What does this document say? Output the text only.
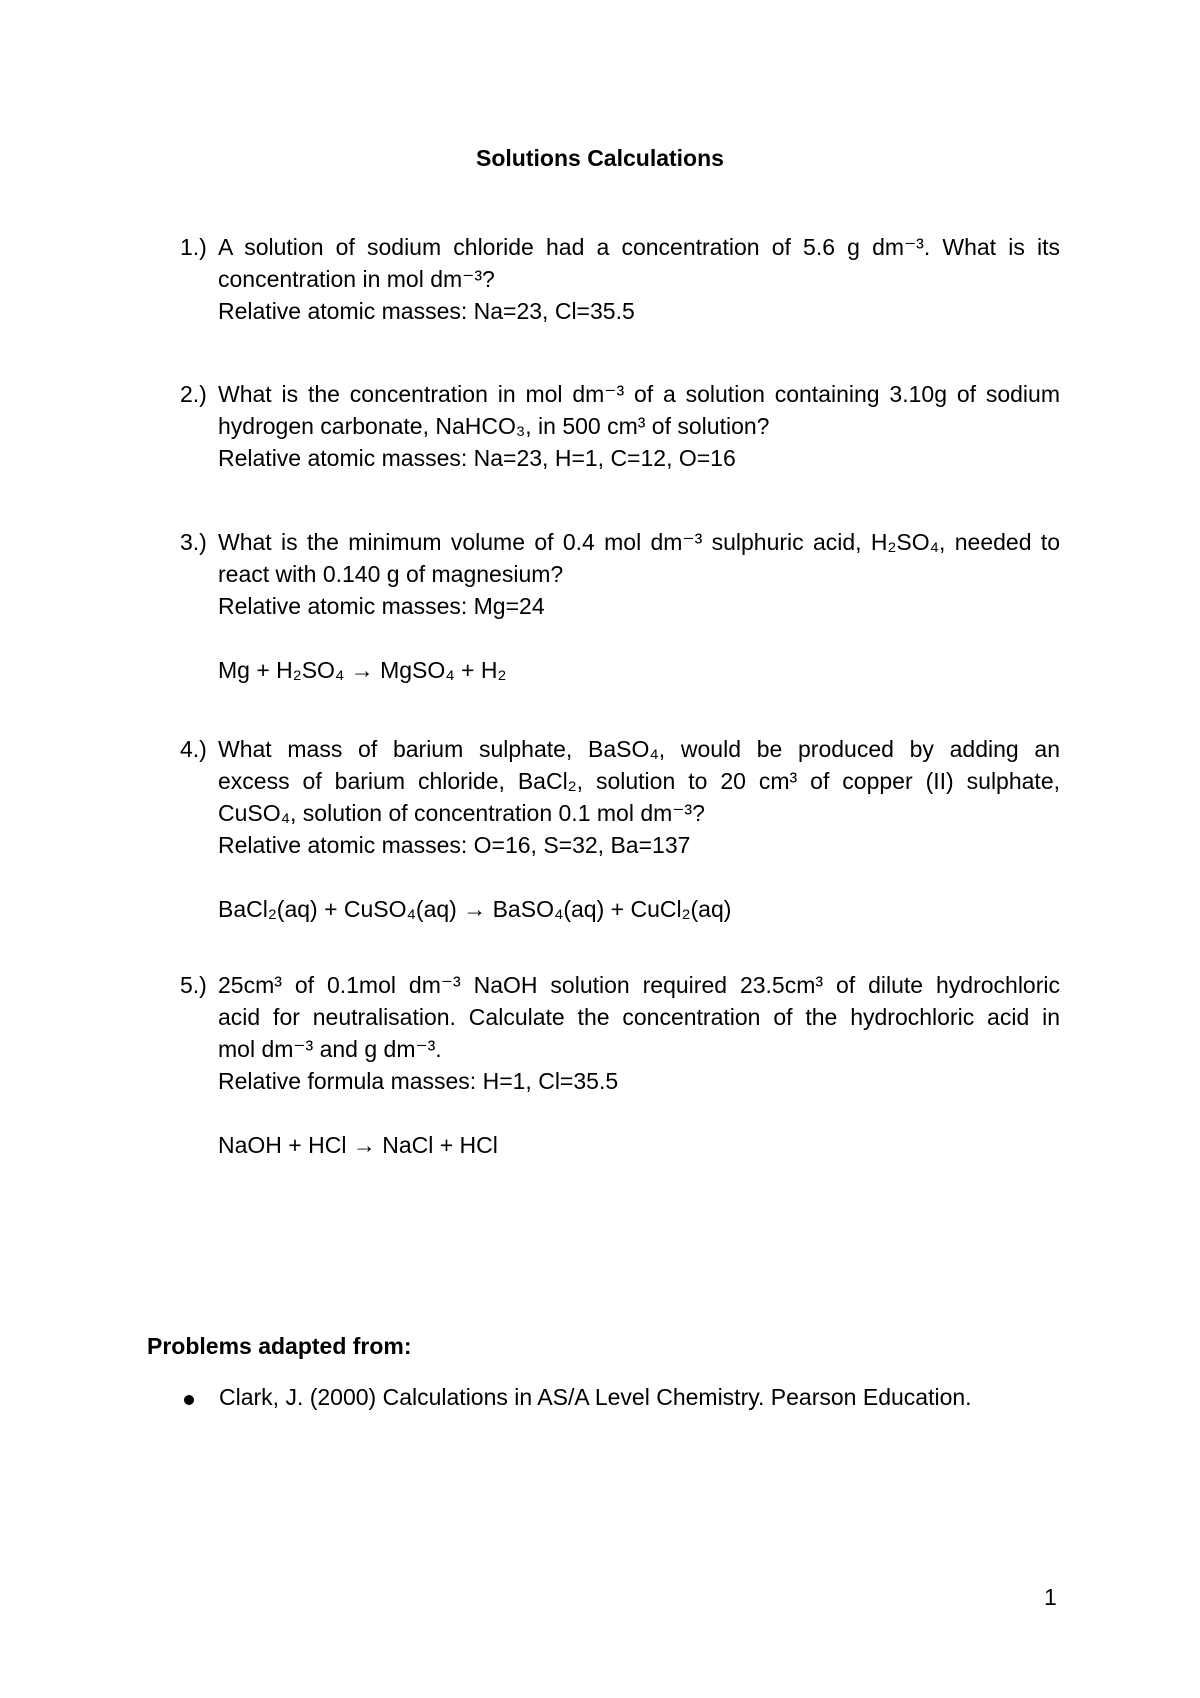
Solutions Calculations
1.) A solution of sodium chloride had a concentration of 5.6 g dm⁻³. What is its
concentration in mol dm⁻³?
Relative atomic masses: Na=23, Cl=35.5
2.) What is the concentration in mol dm⁻³ of a solution containing 3.10g of sodium
hydrogen carbonate, NaHCO₃, in 500 cm³ of solution?
Relative atomic masses: Na=23, H=1, C=12, O=16
3.) What is the minimum volume of 0.4 mol dm⁻³ sulphuric acid, H₂SO₄, needed to
react with 0.140 g of magnesium?
Relative atomic masses: Mg=24
Mg + H₂SO₄ → MgSO₄ + H₂
4.) What mass of barium sulphate, BaSO₄, would be produced by adding an
excess of barium chloride, BaCl₂, solution to 20 cm³ of copper (II) sulphate,
CuSO₄, solution of concentration 0.1 mol dm⁻³?
Relative atomic masses: O=16, S=32, Ba=137
BaCl₂(aq) + CuSO₄(aq) → BaSO₄(aq) + CuCl₂(aq)
5.) 25cm³ of 0.1mol dm⁻³ NaOH solution required 23.5cm³ of dilute hydrochloric
acid for neutralisation. Calculate the concentration of the hydrochloric acid in
mol dm⁻³ and g dm⁻³.
Relative formula masses: H=1, Cl=35.5
NaOH + HCl → NaCl + HCl
Problems adapted from:
Clark, J. (2000) Calculations in AS/A Level Chemistry. Pearson Education.
1
